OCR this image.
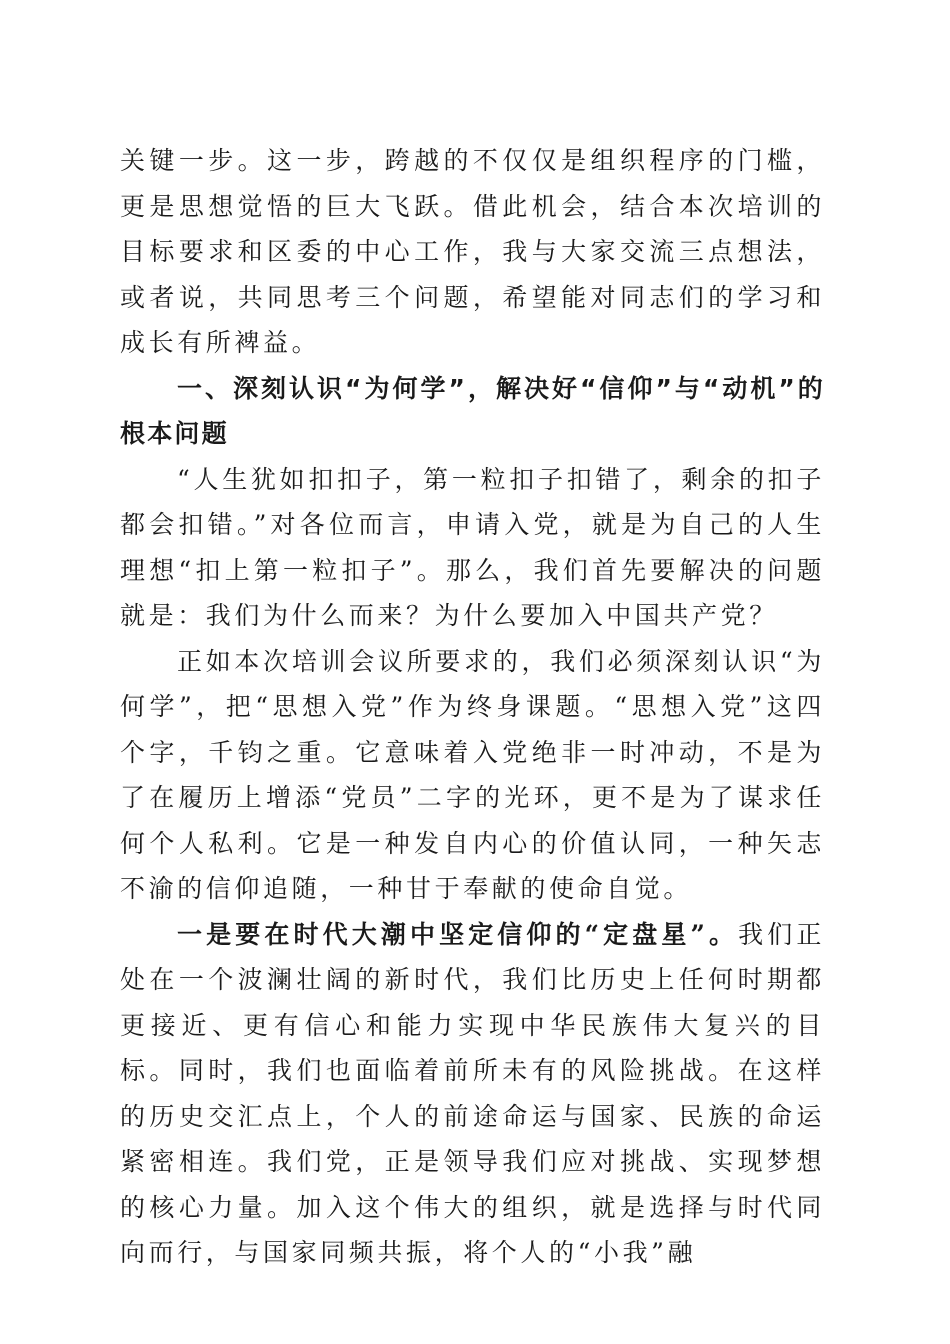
关键一步。这一步，跨越的不仅仅是组织程序的门槛，更是思想觉悟的巨大飞跃。借此机会，结合本次培训的目标要求和区委的中心工作，我与大家交流三点想法，或者说，共同思考三个问题，希望能对同志们的学习和成长有所裨益。

一、深刻认识“为何学”，解决好“信仰”与“动机”的根本问题

“人生犹如扣扣子，第一粒扣子扣错了，剩余的扣子都会扣错。”对各位而言，申请入党，就是为自己的人生理想“扣上第一粒扣子”。那么，我们首先要解决的问题就是：我们为什么而来？为什么要加入中国共产党？

正如本次培训会议所要求的，我们必须深刻认识“为何学”，把“思想入党”作为终身课题。“思想入党”这四个字，千钧之重。它意味着入党绝非一时冲动，不是为了在履历上增添“党员”二字的光环，更不是为了谋求任何个人私利。它是一种发自内心的价值认同，一种矢志不渝的信仰追随，一种甘于奉献的使命自觉。

一是要在时代大潮中坚定信仰的“定盘星”。我们正处在一个波澜壮阔的新时代，我们比历史上任何时期都更接近、更有信心和能力实现中华民族伟大复兴的目标。同时，我们也面临着前所未有的风险挑战。在这样的历史交汇点上，个人的前途命运与国家、民族的命运紧密相连。我们党，正是领导我们应对挑战、实现梦想的核心力量。加入这个伟大的组织，就是选择与时代同向而行，与国家同频共振，将个人的“小我”融
